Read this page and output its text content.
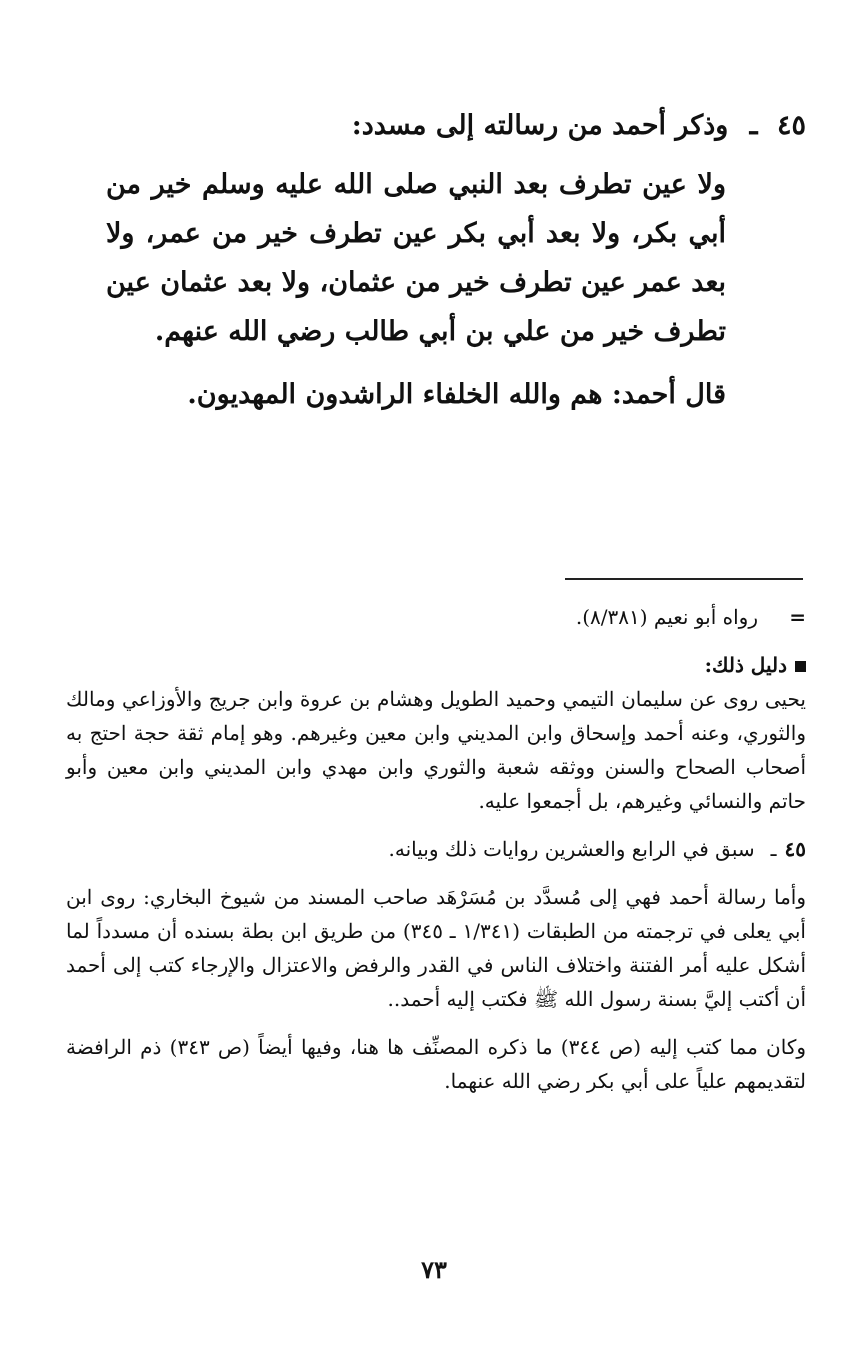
٤٥ ـ وذكر أحمد من رسالته إلى مسدد:

ولا عين تطرف بعد النبي صلى الله عليه وسلم خير من أبي بكر، ولا بعد أبي بكر عين تطرف خير من عمر، ولا بعد عمر عين تطرف خير من عثمان، ولا بعد عثمان عين تطرف خير من علي بن أبي طالب رضي الله عنهم.

قال أحمد: هم والله الخلفاء الراشدون المهديون.

=
رواه أبو نعيم (٨/٣٨١).
دليل ذلك:
يحيى روى عن سليمان التيمي وحميد الطويل وهشام بن عروة وابن جريج والأوزاعي ومالك والثوري، وعنه أحمد وإسحاق وابن المديني وابن معين وغيرهم. وهو إمام ثقة حجة احتج به أصحاب الصحاح والسنن ووثقه شعبة والثوري وابن مهدي وابن المديني وابن معين وأبو حاتم والنسائي وغيرهم، بل أجمعوا عليه.
٤٥
ـ
سبق في الرابع والعشرين روايات ذلك وبيانه.
وأما رسالة أحمد فهي إلى مُسدَّد بن مُسَرْهَد صاحب المسند من شيوخ البخاري: روى ابن أبي يعلى في ترجمته من الطبقات (١/٣٤١ ـ ٣٤٥) من طريق ابن بطة بسنده أن مسدداً لما أشكل عليه أمر الفتنة واختلاف الناس في القدر والرفض والاعتزال والإرجاء كتب إلى أحمد أن أكتب إليَّ بسنة رسول الله ﷺ فكتب إليه أحمد..
وكان مما كتب إليه (ص ٣٤٤) ما ذكره المصنِّف ها هنا، وفيها أيضاً (ص ٣٤٣) ذم الرافضة لتقديمهم علياً على أبي بكر رضي الله عنهما.
٧٣
